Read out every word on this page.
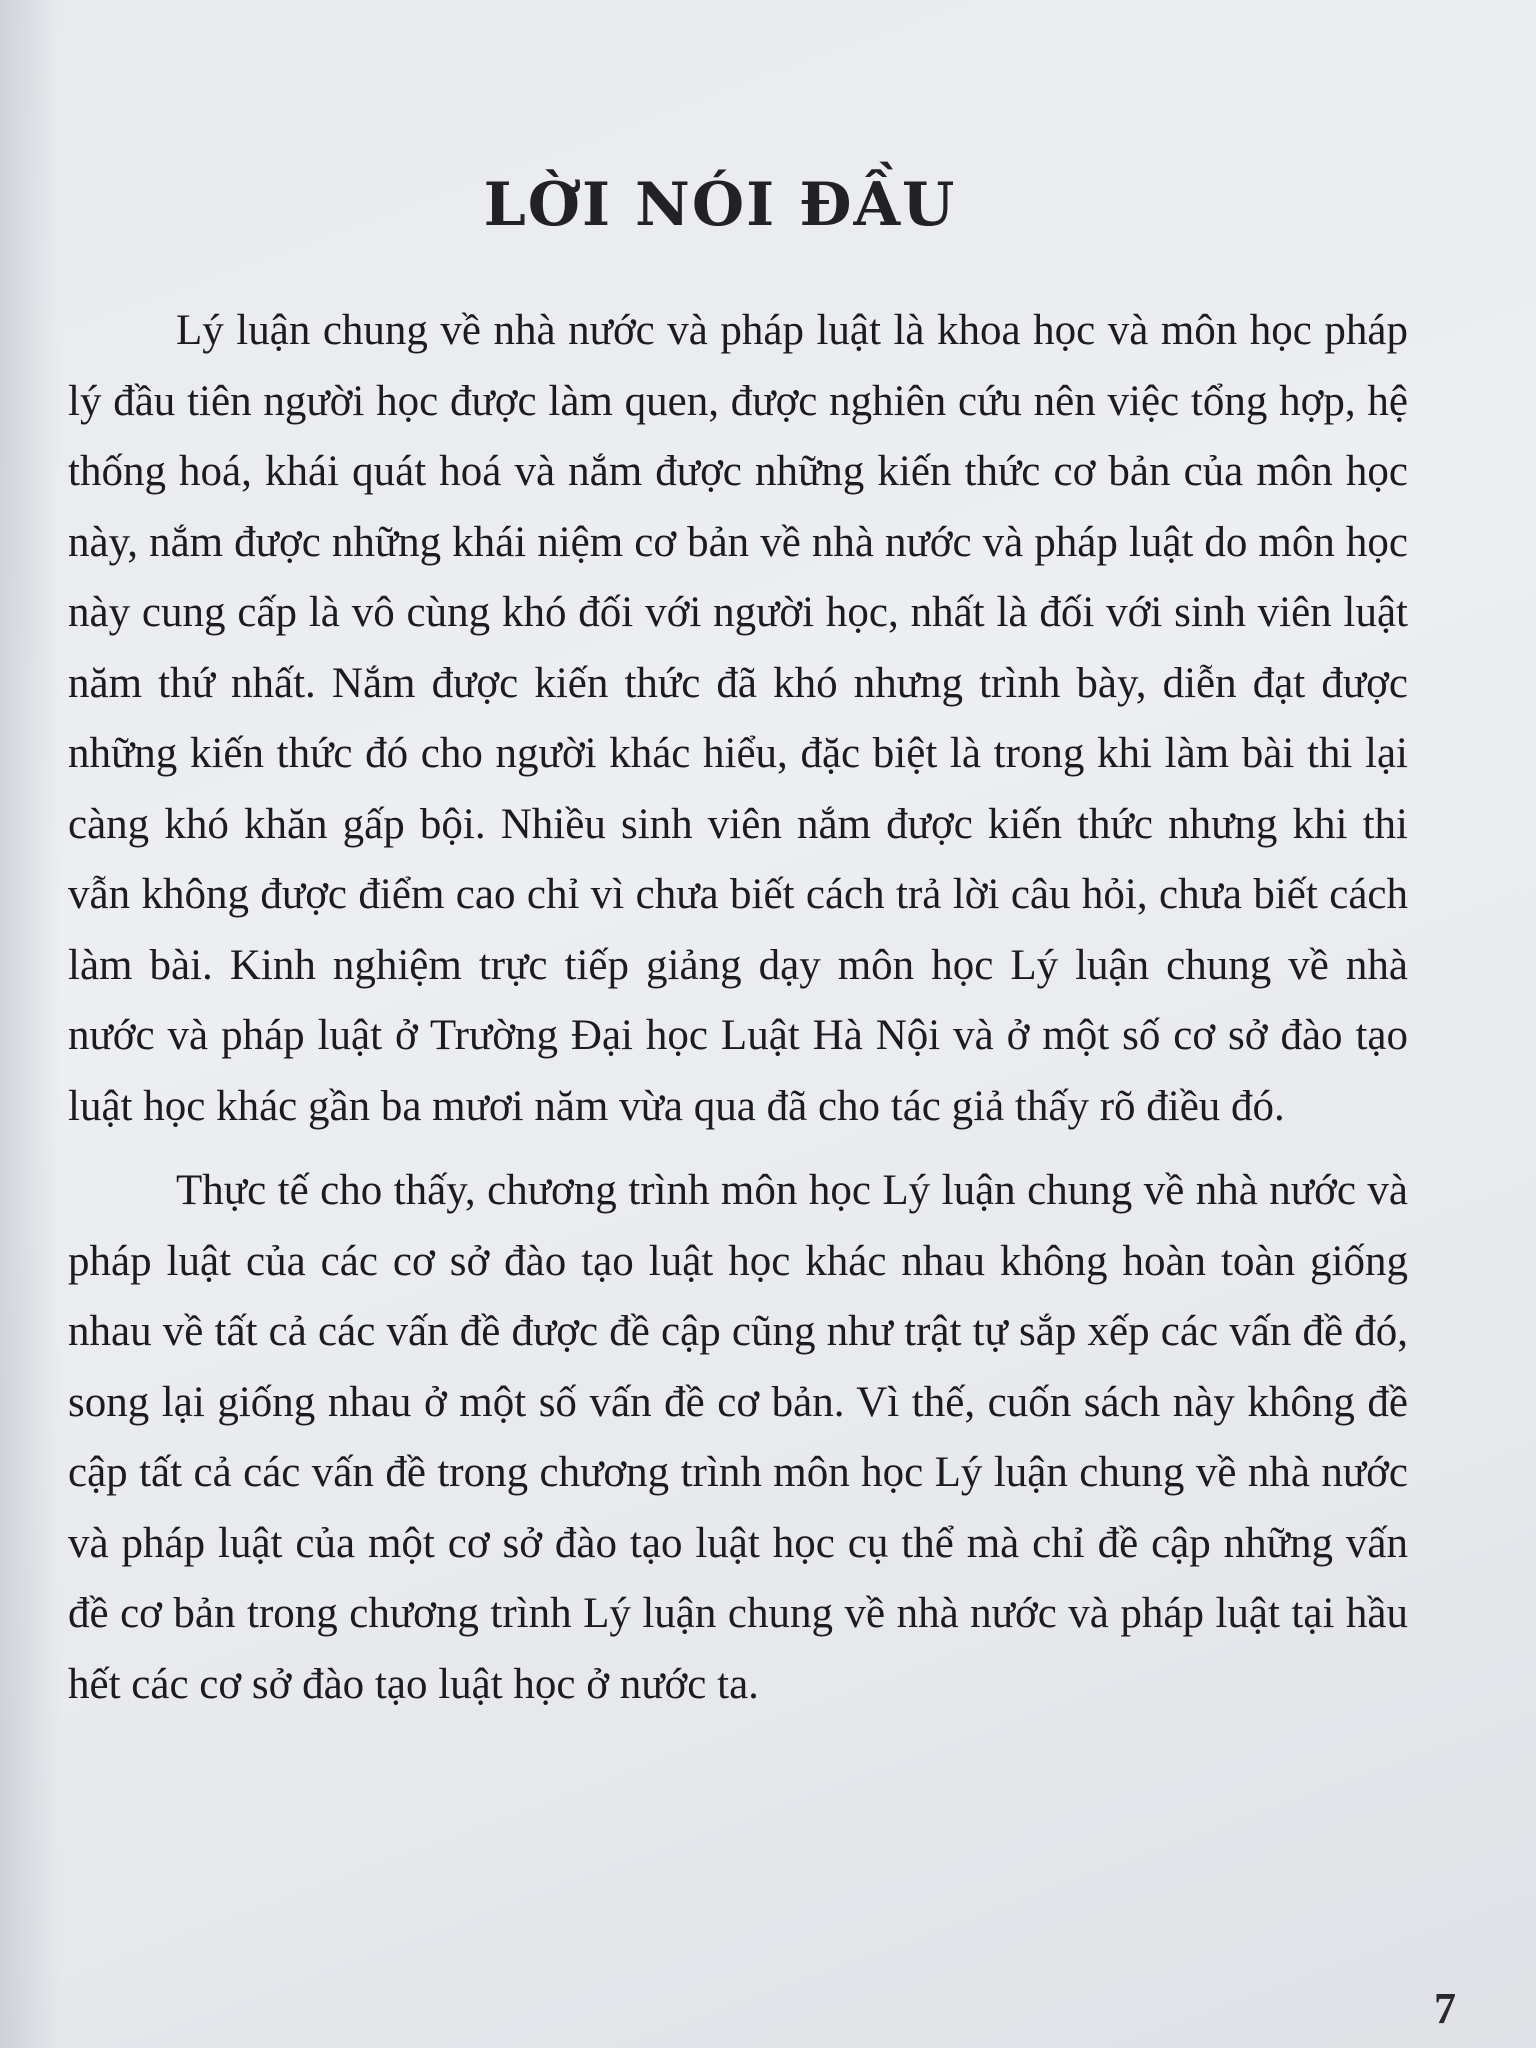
LỜI NÓI ĐẦU

Lý luận chung về nhà nước và pháp luật là khoa học và môn học pháp lý đầu tiên người học được làm quen, được nghiên cứu nên việc tổng hợp, hệ thống hoá, khái quát hoá và nắm được những kiến thức cơ bản của môn học này, nắm được những khái niệm cơ bản về nhà nước và pháp luật do môn học này cung cấp là vô cùng khó đối với người học, nhất là đối với sinh viên luật năm thứ nhất. Nắm được kiến thức đã khó nhưng trình bày, diễn đạt được những kiến thức đó cho người khác hiểu, đặc biệt là trong khi làm bài thi lại càng khó khăn gấp bội. Nhiều sinh viên nắm được kiến thức nhưng khi thi vẫn không được điểm cao chỉ vì chưa biết cách trả lời câu hỏi, chưa biết cách làm bài. Kinh nghiệm trực tiếp giảng dạy môn học Lý luận chung về nhà nước và pháp luật ở Trường Đại học Luật Hà Nội và ở một số cơ sở đào tạo luật học khác gần ba mươi năm vừa qua đã cho tác giả thấy rõ điều đó.

Thực tế cho thấy, chương trình môn học Lý luận chung về nhà nước và pháp luật của các cơ sở đào tạo luật học khác nhau không hoàn toàn giống nhau về tất cả các vấn đề được đề cập cũng như trật tự sắp xếp các vấn đề đó, song lại giống nhau ở một số vấn đề cơ bản. Vì thế, cuốn sách này không đề cập tất cả các vấn đề trong chương trình môn học Lý luận chung về nhà nước và pháp luật của một cơ sở đào tạo luật học cụ thể mà chỉ đề cập những vấn đề cơ bản trong chương trình Lý luận chung về nhà nước và pháp luật tại hầu hết các cơ sở đào tạo luật học ở nước ta.

7
